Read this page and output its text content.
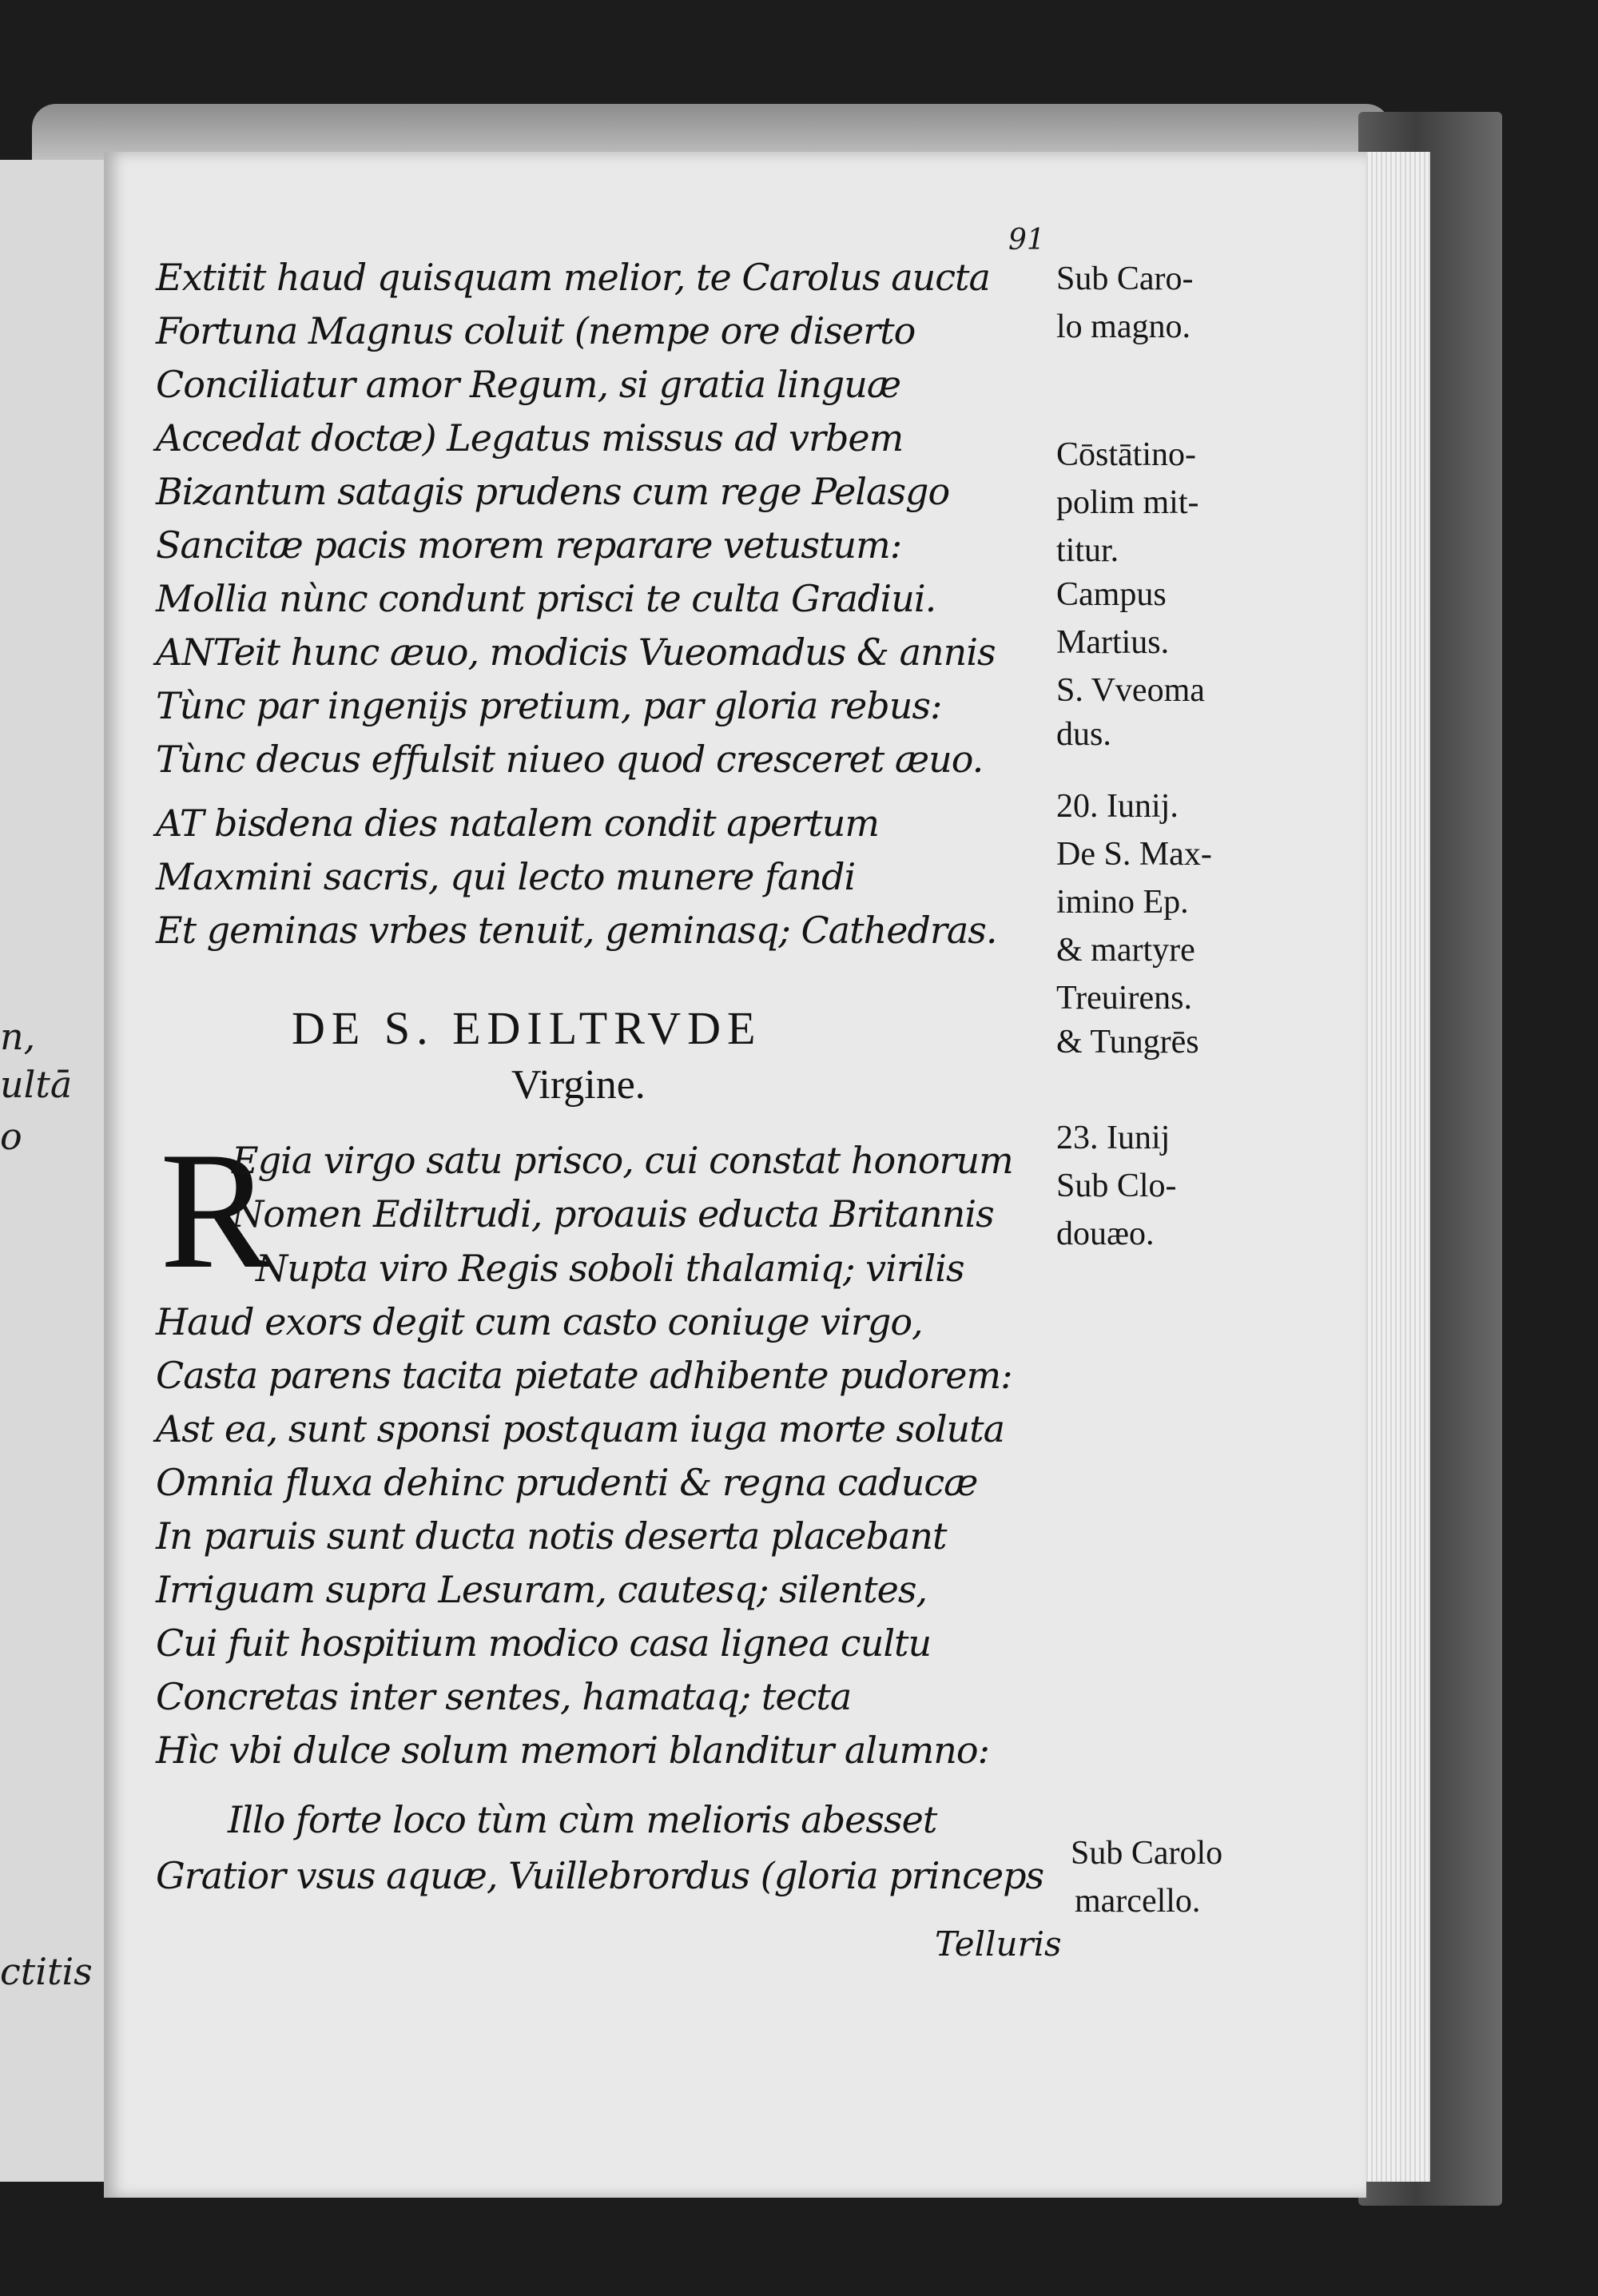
n,
ultā
o
ctitis
91
Extitit haud quisquam melior, te Carolus aucta
Fortuna Magnus coluit (nempe ore diserto
Conciliatur amor Regum, si gratia linguæ
Accedat doctæ) Legatus missus ad vrbem
Bizantum satagis prudens cum rege Pelasgo
Sancitæ pacis morem reparare vetustum:
Mollia nùnc condunt prisci te culta Gradiui.
ANTeit hunc æuo, modicis Vueomadus & annis
Tùnc par ingenijs pretium, par gloria rebus:
Tùnc decus effulsit niueo quod cresceret æuo.
AT bisdena dies natalem condit apertum
Maxmini sacris, qui lecto munere fandi
Et geminas vrbes tenuit, geminasq; Cathedras.
DE S. EDILTRVDE
Virgine.
R
Egia virgo satu prisco, cui constat honorum
Nomen Ediltrudi, proauis educta Britannis
Nupta viro Regis soboli thalamiq; virilis
Haud exors degit cum casto coniuge virgo,
Casta parens tacita pietate adhibente pudorem:
Ast ea, sunt sponsi postquam iuga morte soluta
Omnia fluxa dehinc prudenti & regna caducæ
In paruis sunt ducta notis deserta placebant
Irriguam supra Lesuram, cautesq; silentes,
Cui fuit hospitium modico casa lignea cultu
Concretas inter sentes, hamataq; tecta
Hìc vbi dulce solum memori blanditur alumno:
Illo forte loco tùm cùm melioris abesset
Gratior vsus aquæ, Vuillebrordus (gloria princeps
Telluris
Sub Caro-
lo magno.
Cōstātino-
polim mit-
titur.
Campus
Martius.
S. Vveoma
dus.
20. Iunij.
De S. Max-
imino Ep.
& martyre
Treuirens.
& Tungrēs
23. Iunij
Sub Clo-
douæo.
Sub Carolo
marcello.
